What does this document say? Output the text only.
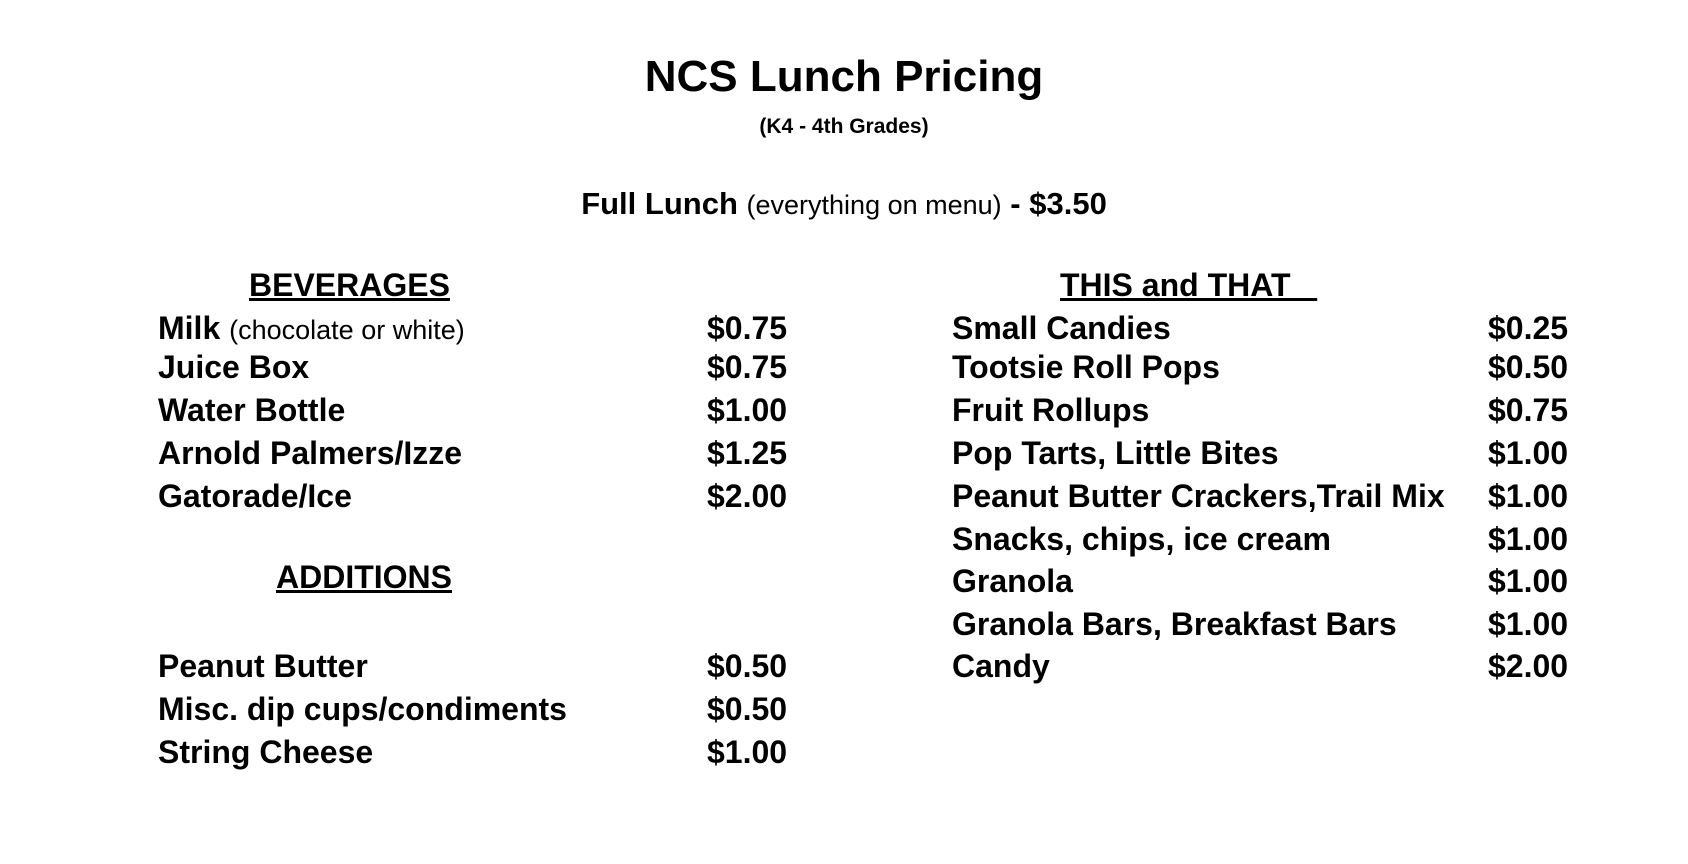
NCS Lunch Pricing
(K4 - 4th Grades)
Full Lunch (everything on menu) - $3.50
BEVERAGES
Milk (chocolate or white)	$0.75
Juice Box	$0.75
Water Bottle	$1.00
Arnold Palmers/Izze	$1.25
Gatorade/Ice	$2.00
ADDITIONS
Peanut Butter	$0.50
Misc. dip cups/condiments	$0.50
String Cheese	$1.00
THIS and THAT
Small Candies	$0.25
Tootsie Roll Pops	$0.50
Fruit Rollups	$0.75
Pop Tarts, Little Bites	$1.00
Peanut Butter Crackers,Trail Mix $1.00
Snacks, chips, ice cream	$1.00
Granola	$1.00
Granola Bars, Breakfast Bars	$1.00
Candy	$2.00
